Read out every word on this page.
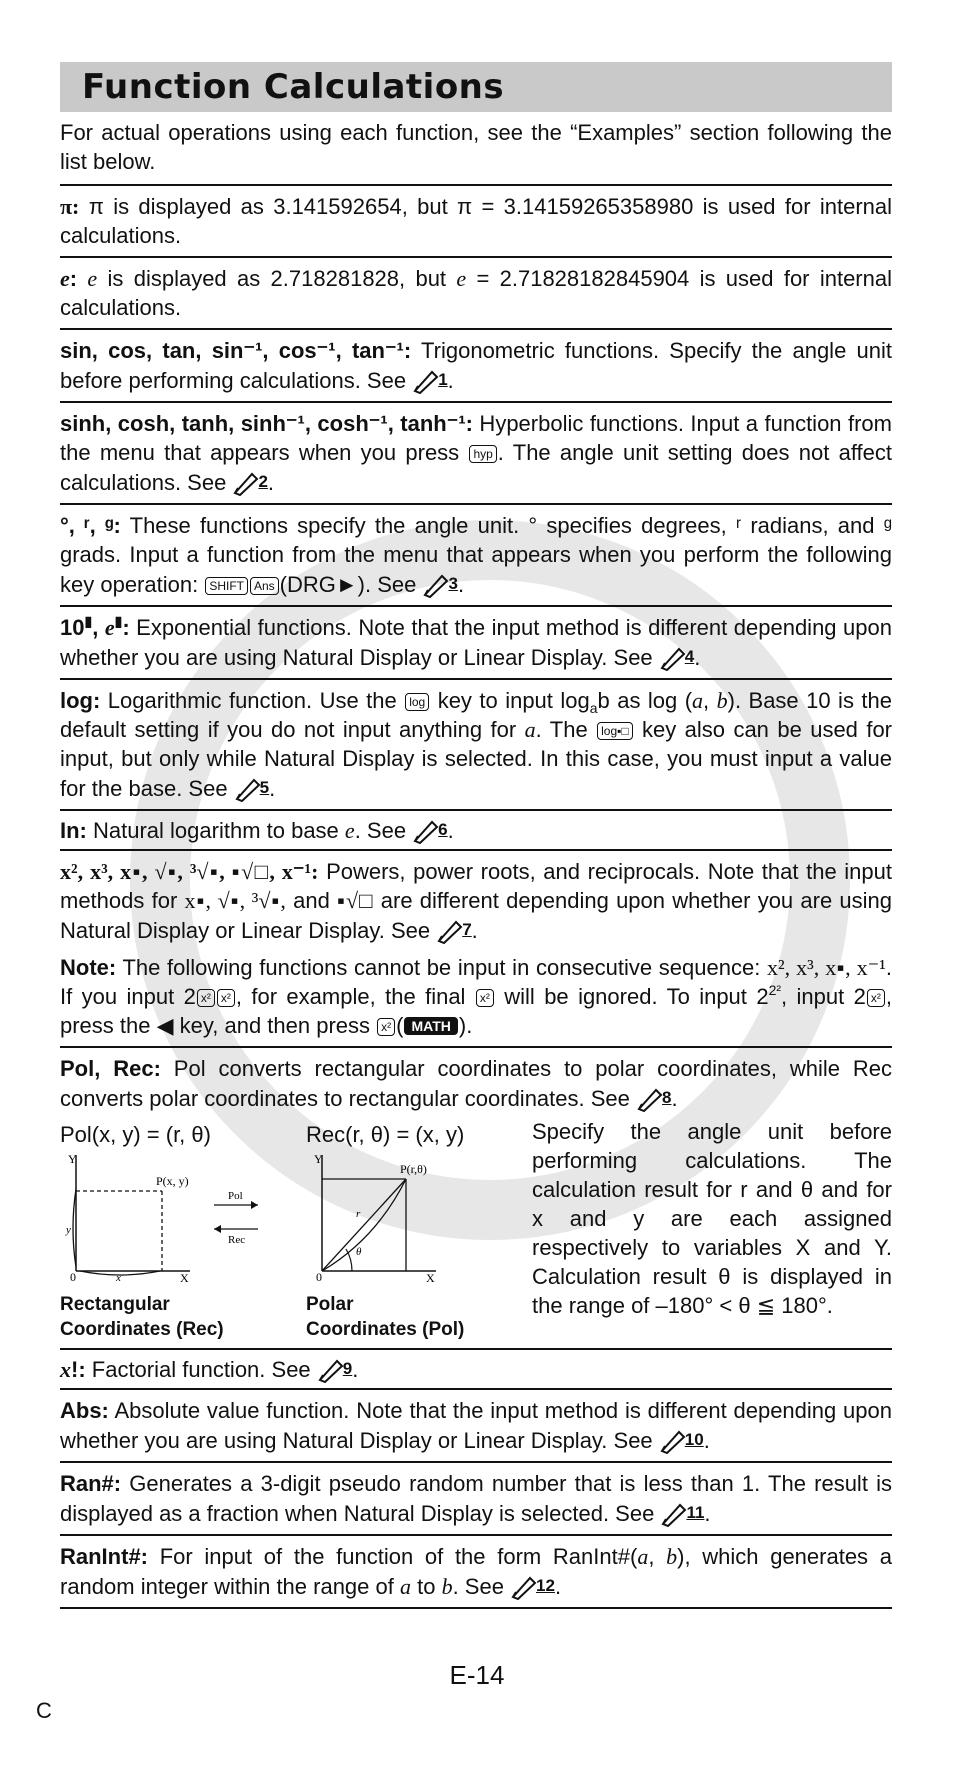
Function Calculations
For actual operations using each function, see the “Examples” section following the list below.
π: π is displayed as 3.141592654, but π = 3.14159265358980 is used for internal calculations.
e: e is displayed as 2.718281828, but e = 2.71828182845904 is used for internal calculations.
sin, cos, tan, sin⁻¹, cos⁻¹, tan⁻¹: Trigonometric functions. Specify the angle unit before performing calculations. See 1 .
sinh, cosh, tanh, sinh⁻¹, cosh⁻¹, tanh⁻¹: Hyperbolic functions. Input a function from the menu that appears when you press hyp . The angle unit setting does not affect calculations. See 2 .
°, ʳ, ᵍ: These functions specify the angle unit. ° specifies degrees, ʳ radians, and ᵍ grads. Input a function from the menu that appears when you perform the following key operation: SHIFT Ans (DRG►). See 3 .
10▮, e▮: Exponential functions. Note that the input method is different depending upon whether you are using Natural Display or Linear Display. See 4 .
log: Logarithmic function. Use the log key to input $\log_ab$ as log (a, b). Base 10 is the default setting if you do not input anything for a. The log▪□ key also can be used for input, but only while Natural Display is selected. In this case, you must input a value for the base. See 5 .
In: Natural logarithm to base e. See 6 .
x², x³, x▪, √▪, ³√▪, ▪√□, x⁻¹: Powers, power roots, and reciprocals. Note that the input methods for x▪, √▪, ³√▪, and ▪√□ are different depending upon whether you are using Natural Display or Linear Display. See 7 .
Note: The following functions cannot be input in consecutive sequence: x², x³, x▪, x⁻¹. If you input 2 x² x² , for example, the final x² will be ignored. To input $2^{2^2}$, input 2 x² , press the ◀ key, and then press x² ( MATH ).
Pol, Rec: Pol converts rectangular coordinates to polar coordinates, while Rec converts polar coordinates to rectangular coordinates. See 8 .
Pol(x, y) = (r, θ)
Y
X
0
P(x, y)
y
x
Pol
Rec
Rectangular
Coordinates (Rec)
Rec(r, θ) = (x, y)
Y
X
0
P(r,θ)
r
θ
Polar
Coordinates (Pol)
Specify the angle unit before performing calculations. The calculation result for r and θ and for x and y are each assigned respectively to variables X and Y. Calculation result θ is displayed in the range of –180° < θ ≦ 180°.
x!: Factorial function. See 9 .
Abs: Absolute value function. Note that the input method is different depending upon whether you are using Natural Display or Linear Display. See 10 .
Ran#: Generates a 3-digit pseudo random number that is less than 1. The result is displayed as a fraction when Natural Display is selected. See 11 .
RanInt#: For input of the function of the form RanInt#(a, b), which generates a random integer within the range of a to b. See 12 .
E-14
C
